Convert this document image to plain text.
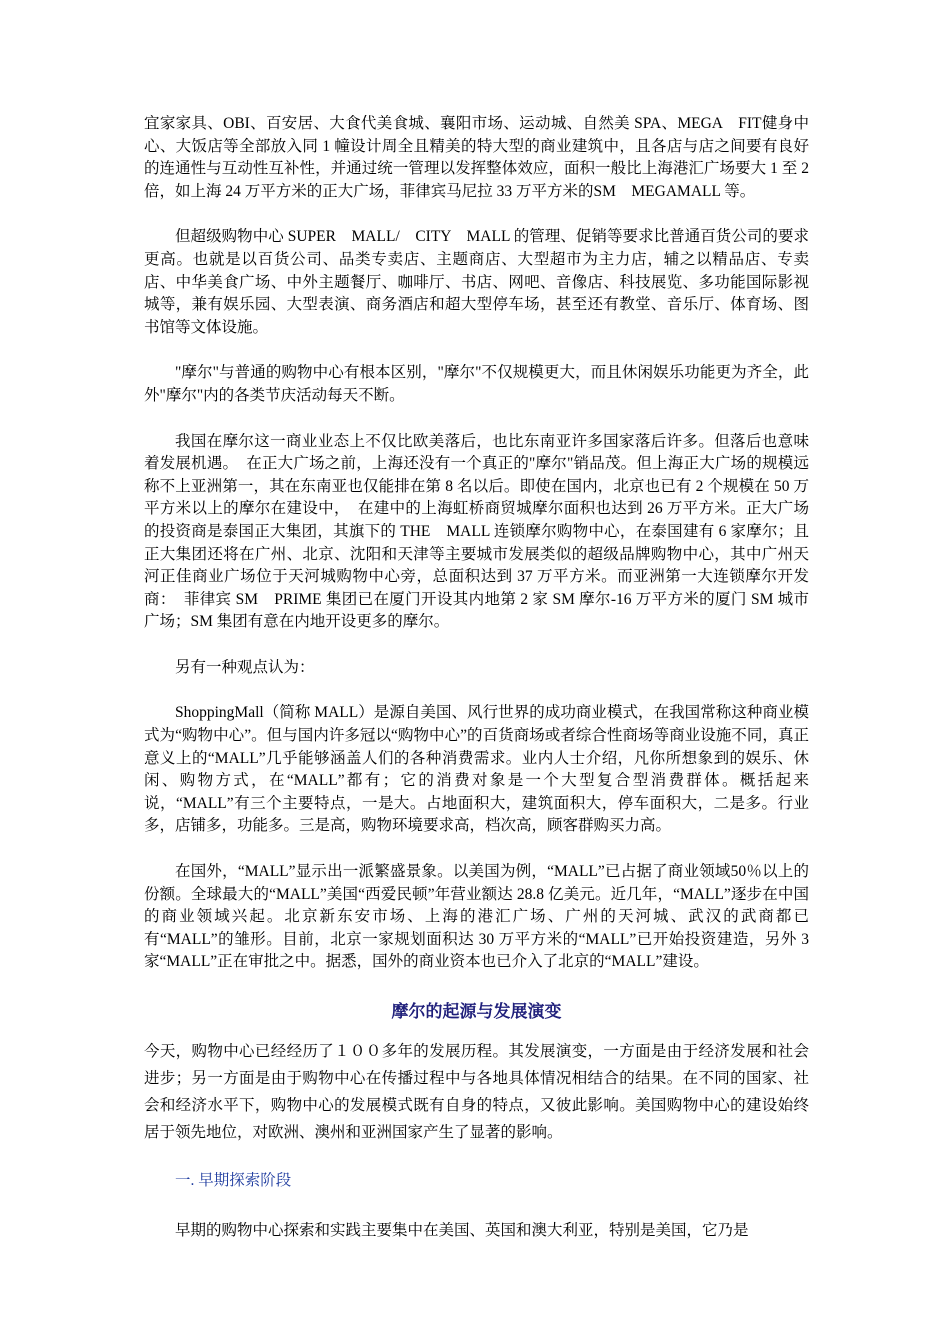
宜家家具、OBI、百安居、大食代美食城、襄阳市场、运动城、自然美 SPA、MEGA　FIT健身中心、大饭店等全部放入同 1 幢设计周全且精美的特大型的商业建筑中，且各店与店之间要有良好的连通性与互动性互补性，并通过统一管理以发挥整体效应，面积一般比上海港汇广场要大 1 至 2 倍，如上海 24 万平方米的正大广场，菲律宾马尼拉 33 万平方米的SM　MEGAMALL 等。

但超级购物中心 SUPER　MALL/　CITY　MALL 的管理、促销等要求比普通百货公司的要求更高。也就是以百货公司、品类专卖店、主题商店、大型超市为主力店，辅之以精品店、专卖店、中华美食广场、中外主题餐厅、咖啡厅、书店、网吧、音像店、科技展览、多功能国际影视城等，兼有娱乐园、大型表演、商务酒店和超大型停车场，甚至还有教堂、音乐厅、体育场、图书馆等文体设施。

"摩尔"与普通的购物中心有根本区别，"摩尔"不仅规模更大，而且休闲娱乐功能更为齐全，此外"摩尔"内的各类节庆活动每天不断。

我国在摩尔这一商业业态上不仅比欧美落后，也比东南亚许多国家落后许多。但落后也意味着发展机遇。　在正大广场之前，上海还没有一个真正的"摩尔"销品茂。但上海正大广场的规模远称不上亚洲第一，其在东南亚也仅能排在第 8 名以后。即使在国内，北京也已有 2 个规模在 50 万平方米以上的摩尔在建设中，　在建中的上海虹桥商贸城摩尔面积也达到 26 万平方米。正大广场的投资商是泰国正大集团，其旗下的 THE　MALL 连锁摩尔购物中心，在泰国建有 6 家摩尔；且正大集团还将在广州、北京、沈阳和天津等主要城市发展类似的超级品牌购物中心，其中广州天河正佳商业广场位于天河城购物中心旁，总面积达到 37 万平方米。而亚洲第一大连锁摩尔开发商：　菲律宾 SM　PRIME 集团已在厦门开设其内地第 2 家 SM 摩尔-16 万平方米的厦门 SM 城市广场；SM 集团有意在内地开设更多的摩尔。

另有一种观点认为：

ShoppingMall（简称 MALL）是源自美国、风行世界的成功商业模式，在我国常称这种商业模式为“购物中心”。但与国内许多冠以“购物中心”的百货商场或者综合性商场等商业设施不同，真正意义上的“MALL”几乎能够涵盖人们的各种消费需求。业内人士介绍，凡你所想象到的娱乐、休闲、购物方式，在“MALL”都有；它的消费对象是一个大型复合型消费群体。概括起来说，“MALL”有三个主要特点，一是大。占地面积大，建筑面积大，停车面积大，二是多。行业多，店铺多，功能多。三是高，购物环境要求高，档次高，顾客群购买力高。

在国外，“MALL”显示出一派繁盛景象。以美国为例，“MALL”已占据了商业领域50％以上的份额。全球最大的“MALL”美国“西爱民顿”年营业额达 28.8 亿美元。近几年，“MALL”逐步在中国的商业领域兴起。北京新东安市场、上海的港汇广场、广州的天河城、武汉的武商都已有“MALL”的雏形。目前，北京一家规划面积达 30 万平方米的“MALL”已开始投资建造，另外 3 家“MALL”正在审批之中。据悉，国外的商业资本也已介入了北京的“MALL”建设。

摩尔的起源与发展演变

今天，购物中心已经经历了１００多年的发展历程。其发展演变，一方面是由于经济发展和社会进步；另一方面是由于购物中心在传播过程中与各地具体情况相结合的结果。在不同的国家、社会和经济水平下，购物中心的发展模式既有自身的特点，又彼此影响。美国购物中心的建设始终居于领先地位，对欧洲、澳州和亚洲国家产生了显著的影响。

一. 早期探索阶段

早期的购物中心探索和实践主要集中在美国、英国和澳大利亚，特别是美国，它乃是
